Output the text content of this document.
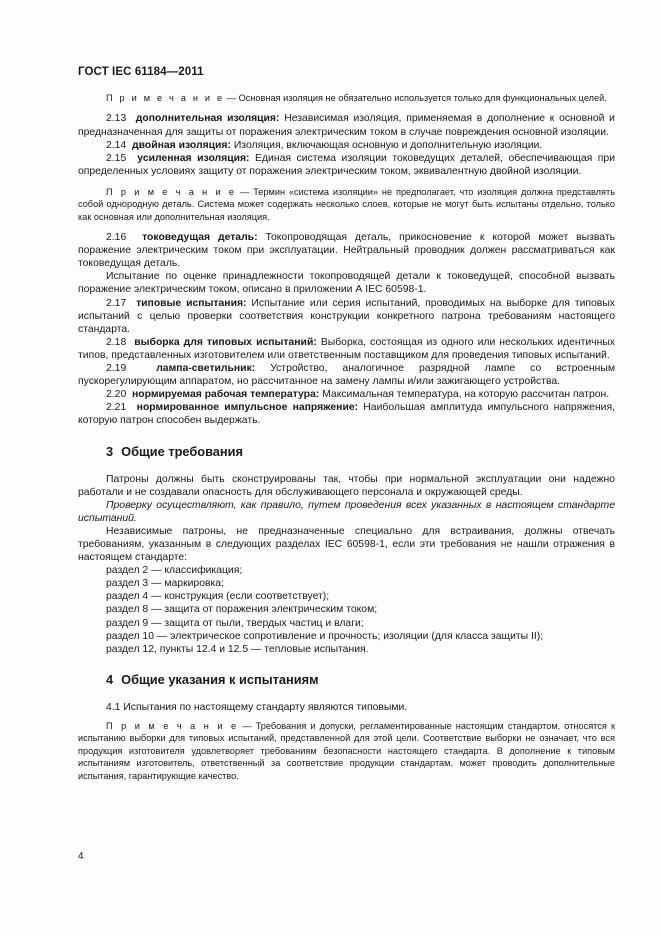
ГОСТ IEC 61184—2011

П р и м е ч а н и е — Основная изоляция не обязательно используется только для функциональных целей.

2.13 дополнительная изоляция: Независимая изоляция, применяемая в дополнение к основной и предназначенная для защиты от поражения электрическим током в случае повреждения основной изоляции.

2.14 двойная изоляция: Изоляция, включающая основную и дополнительную изоляции.

2.15 усиленная изоляция: Единая система изоляции токоведущих деталей, обеспечивающая при определенных условиях защиту от поражения электрическим током, эквивалентную двойной изоляции.

П р и м е ч а н и е — Термин «система изоляции» не предполагает, что изоляция должна представлять собой однородную деталь. Система может содержать несколько слоев, которые не могут быть испытаны отдельно, только как основная или дополнительная изоляция.

2.16 токоведущая деталь: Токопроводящая деталь, прикосновение к которой может вызвать поражение электрическим током при эксплуатации. Нейтральный проводник должен рассматриваться как токоведущая деталь.

Испытание по оценке принадлежности токопроводящей детали к токоведущей, способной вызвать поражение электрическим током, описано в приложении А IEC 60598-1.

2.17 типовые испытания: Испытание или серия испытаний, проводимых на выборке для типовых испытаний с целью проверки соответствия конструкции конкретного патрона требованиям настоящего стандарта.

2.18 выборка для типовых испытаний: Выборка, состоящая из одного или нескольких идентичных типов, представленных изготовителем или ответственным поставщиком для проведения типовых испытаний.

2.19	лампа-светильник: Устройство, аналогичное разрядной лампе со встроенным пускорегулирующим аппаратом, но рассчитанное на замену лампы и/или зажигающего устройства.

2.20 нормируемая рабочая температура: Максимальная температура, на которую рассчитан патрон.

2.21 нормированное импульсное напряжение: Наибольшая амплитуда импульсного напряжения, которую патрон способен выдержать.

3 Общие требования

Патроны должны быть сконструированы так, чтобы при нормальной эксплуатации они надежно работали и не создавали опасность для обслуживающего персонала и окружающей среды.

Проверку осуществляют, как правило, путем проведения всех указанных в настоящем стандарте испытаний.

Независимые патроны, не предназначенные специально для встраивания, должны отвечать требованиям, указанным в следующих разделах IEC 60598-1, если эти требования не нашли отражения в настоящем стандарте:

раздел 2 — классификация;
раздел 3 — маркировка;
раздел 4 — конструкция (если соответствует);
раздел 8 — защита от поражения электрическим током;
раздел 9 — защита от пыли, твердых частиц и влаги;
раздел 10 — электрическое сопротивление и прочность; изоляции (для класса защиты II);
раздел 12, пункты 12.4 и 12.5 — тепловые испытания.
4 Общие указания к испытаниям

4.1 Испытания по настоящему стандарту являются типовыми.

П р и м е ч а н и е — Требования и допуски, регламентированные настоящим стандартом, относятся к испытанию выборки для типовых испытаний, представленной для этой цели. Соответствие выборки не означает, что вся продукция изготовителя удовлетворяет требованиям безопасности настоящего стандарта. В дополнение к типовым испытаниям изготовитель, ответственный за соответствие продукции стандартам, может проводить дополнительные испытания, гарантирующие качество.

4
